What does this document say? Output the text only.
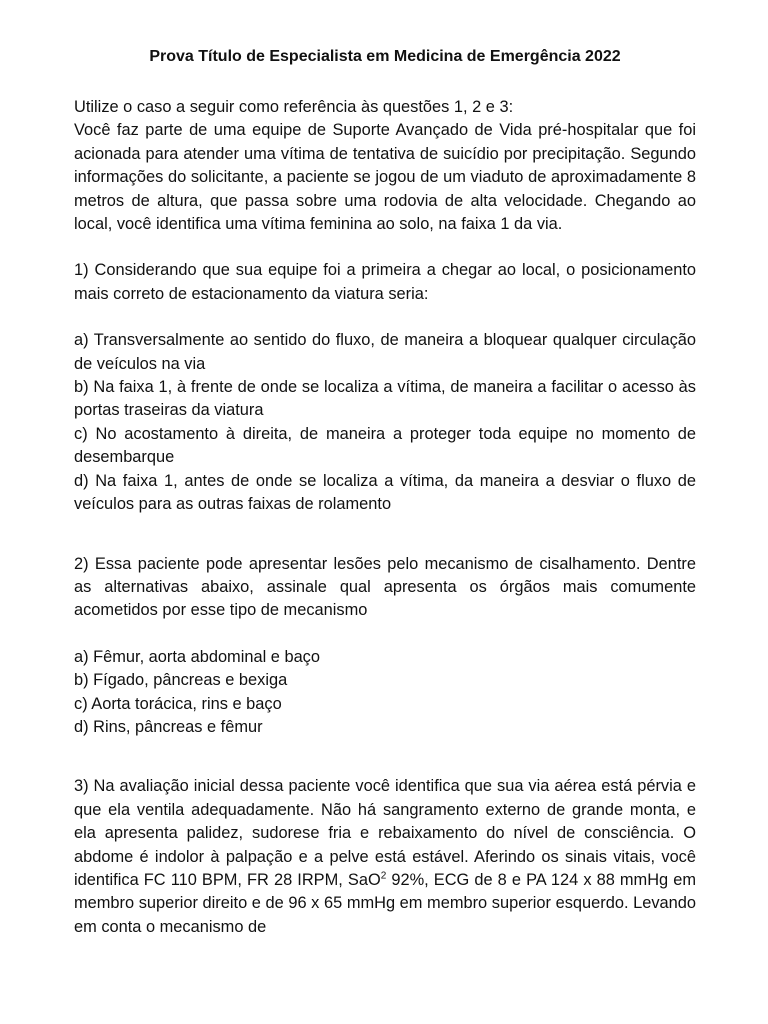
Prova Título de Especialista em Medicina de Emergência 2022

Utilize o caso a seguir como referência às questões 1, 2 e 3:

Você faz parte de uma equipe de Suporte Avançado de Vida pré-hospitalar que foi acionada para atender uma vítima de tentativa de suicídio por precipitação. Segundo informações do solicitante, a paciente se jogou de um viaduto de aproximadamente 8 metros de altura, que passa sobre uma rodovia de alta velocidade. Chegando ao local, você identifica uma vítima feminina ao solo, na faixa 1 da via.

1) Considerando que sua equipe foi a primeira a chegar ao local, o posicionamento mais correto de estacionamento da viatura seria:

a) Transversalmente ao sentido do fluxo, de maneira a bloquear qualquer circulação de veículos na via
b) Na faixa 1, à frente de onde se localiza a vítima, de maneira a facilitar o acesso às portas traseiras da viatura
c) No acostamento à direita, de maneira a proteger toda equipe no momento de desembarque
d) Na faixa 1, antes de onde se localiza a vítima, da maneira a desviar o fluxo de veículos para as outras faixas de rolamento

2) Essa paciente pode apresentar lesões pelo mecanismo de cisalhamento. Dentre as alternativas abaixo, assinale qual apresenta os órgãos mais comumente acometidos por esse tipo de mecanismo

a) Fêmur, aorta abdominal e baço
b) Fígado, pâncreas e bexiga
c) Aorta torácica, rins e baço
d) Rins, pâncreas e fêmur

3) Na avaliação inicial dessa paciente você identifica que sua via aérea está pérvia e que ela ventila adequadamente. Não há sangramento externo de grande monta, e ela apresenta palidez, sudorese fria e rebaixamento do nível de consciência. O abdome é indolor à palpação e a pelve está estável. Aferindo os sinais vitais, você identifica FC 110 BPM, FR 28 IRPM, SaO$^2$ 92%, ECG de 8 e PA 124 x 88 mmHg em membro superior direito e de 96 x 65 mmHg em membro superior esquerdo. Levando em conta o mecanismo de
